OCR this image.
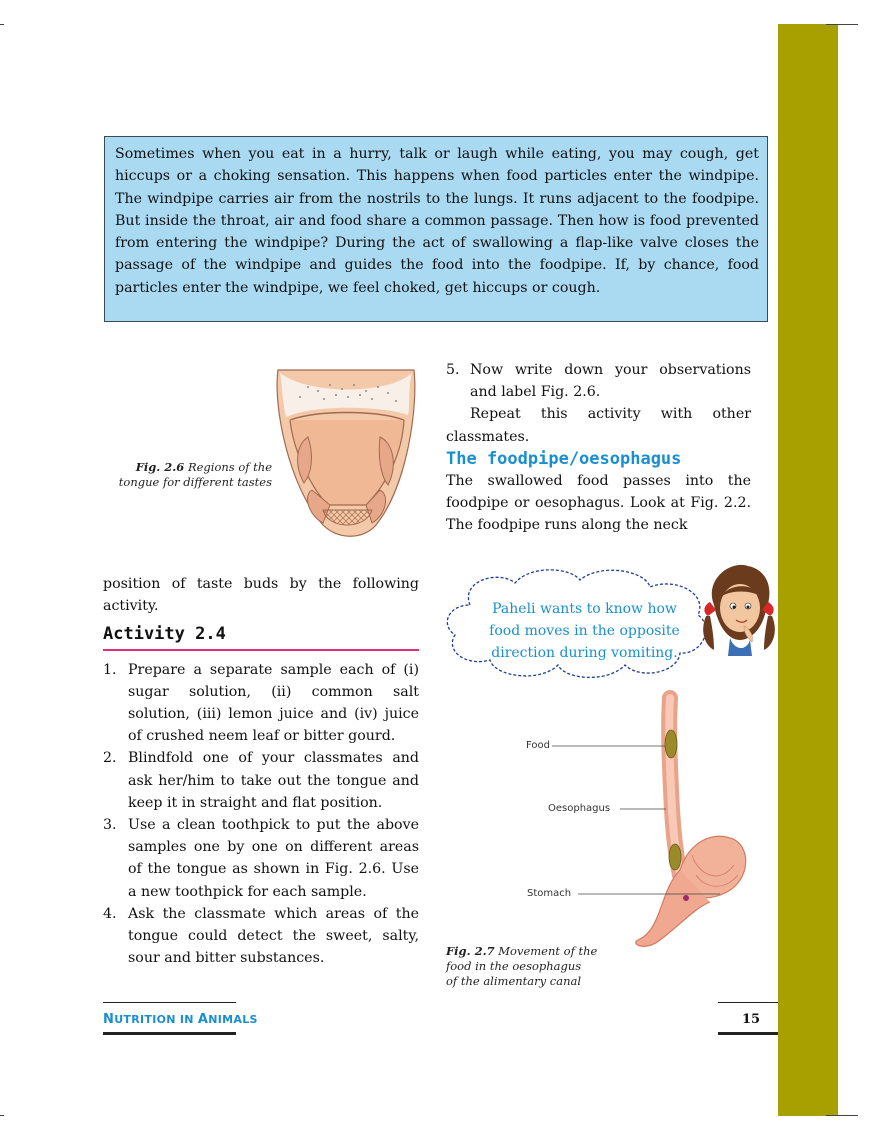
Sometimes when you eat in a hurry, talk or laugh while eating, you may cough, get hiccups or a choking sensation. This happens when food particles enter the windpipe. The windpipe carries air from the nostrils to the lungs. It runs adjacent to the foodpipe. But inside the throat, air and food share a common passage. Then how is food prevented from entering the windpipe? During the act of swallowing a flap-like valve closes the passage of the windpipe and guides the food into the foodpipe. If, by chance, food particles enter the windpipe, we feel choked, get hiccups or cough.
Fig. 2.6 Regions of the
tongue for different tastes
5. Now write down your observations and label Fig. 2.6.
Repeat this activity with other classmates.
The foodpipe/oesophagus
The swallowed food passes into the foodpipe or oesophagus. Look at Fig. 2.2. The foodpipe runs along the neck
position of taste buds by the following activity.
Activity 2.4
1. Prepare a separate sample each of (i) sugar solution, (ii) common salt solution, (iii) lemon juice and (iv) juice of crushed neem leaf or bitter gourd.
2. Blindfold one of your classmates and ask her/him to take out the tongue and keep it in straight and flat position.
3. Use a clean toothpick to put the above samples one by one on different areas of the tongue as shown in Fig. 2.6. Use a new toothpick for each sample.
4. Ask the classmate which areas of the tongue could detect the sweet, salty, sour and bitter substances.
Paheli wants to know how
food moves in the opposite
direction during vomiting.
Food
Oesophagus
Stomach
Fig. 2.7 Movement of the
food in the oesophagus
of the alimentary canal
NUTRITION IN ANIMALS	15
